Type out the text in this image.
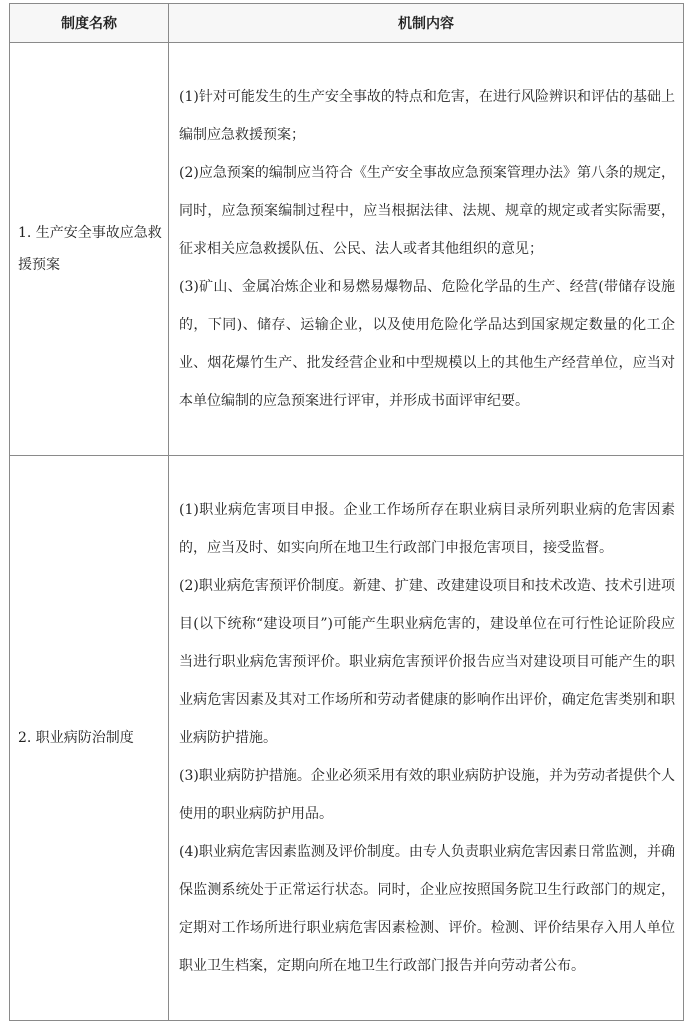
制度名称	机制内容
1. 生产安全事故应急救援预案	(1)针对可能发生的生产安全事故的特点和危害，在进行风险辨识和评估的基础上编制应急救援预案；

(2)应急预案的编制应当符合《生产安全事故应急预案管理办法》第八条的规定，同时，应急预案编制过程中，应当根据法律、法规、规章的规定或者实际需要，征求相关应急救援队伍、公民、法人或者其他组织的意见；

(3)矿山、金属冶炼企业和易燃易爆物品、危险化学品的生产、经营(带储存设施的，下同)、储存、运输企业，以及使用危险化学品达到国家规定数量的化工企业、烟花爆竹生产、批发经营企业和中型规模以上的其他生产经营单位，应当对本单位编制的应急预案进行评审，并形成书面评审纪要。

2. 职业病防治制度	(1)职业病危害项目申报。企业工作场所存在职业病目录所列职业病的危害因素的，应当及时、如实向所在地卫生行政部门申报危害项目，接受监督。

(2)职业病危害预评价制度。新建、扩建、改建建设项目和技术改造、技术引进项目(以下统称“建设项目”)可能产生职业病危害的，建设单位在可行性论证阶段应当进行职业病危害预评价。职业病危害预评价报告应当对建设项目可能产生的职业病危害因素及其对工作场所和劳动者健康的影响作出评价，确定危害类别和职业病防护措施。

(3)职业病防护措施。企业必须采用有效的职业病防护设施，并为劳动者提供个人使用的职业病防护用品。

(4)职业病危害因素监测及评价制度。由专人负责职业病危害因素日常监测，并确保监测系统处于正常运行状态。同时，企业应按照国务院卫生行政部门的规定，定期对工作场所进行职业病危害因素检测、评价。检测、评价结果存入用人单位职业卫生档案，定期向所在地卫生行政部门报告并向劳动者公布。
